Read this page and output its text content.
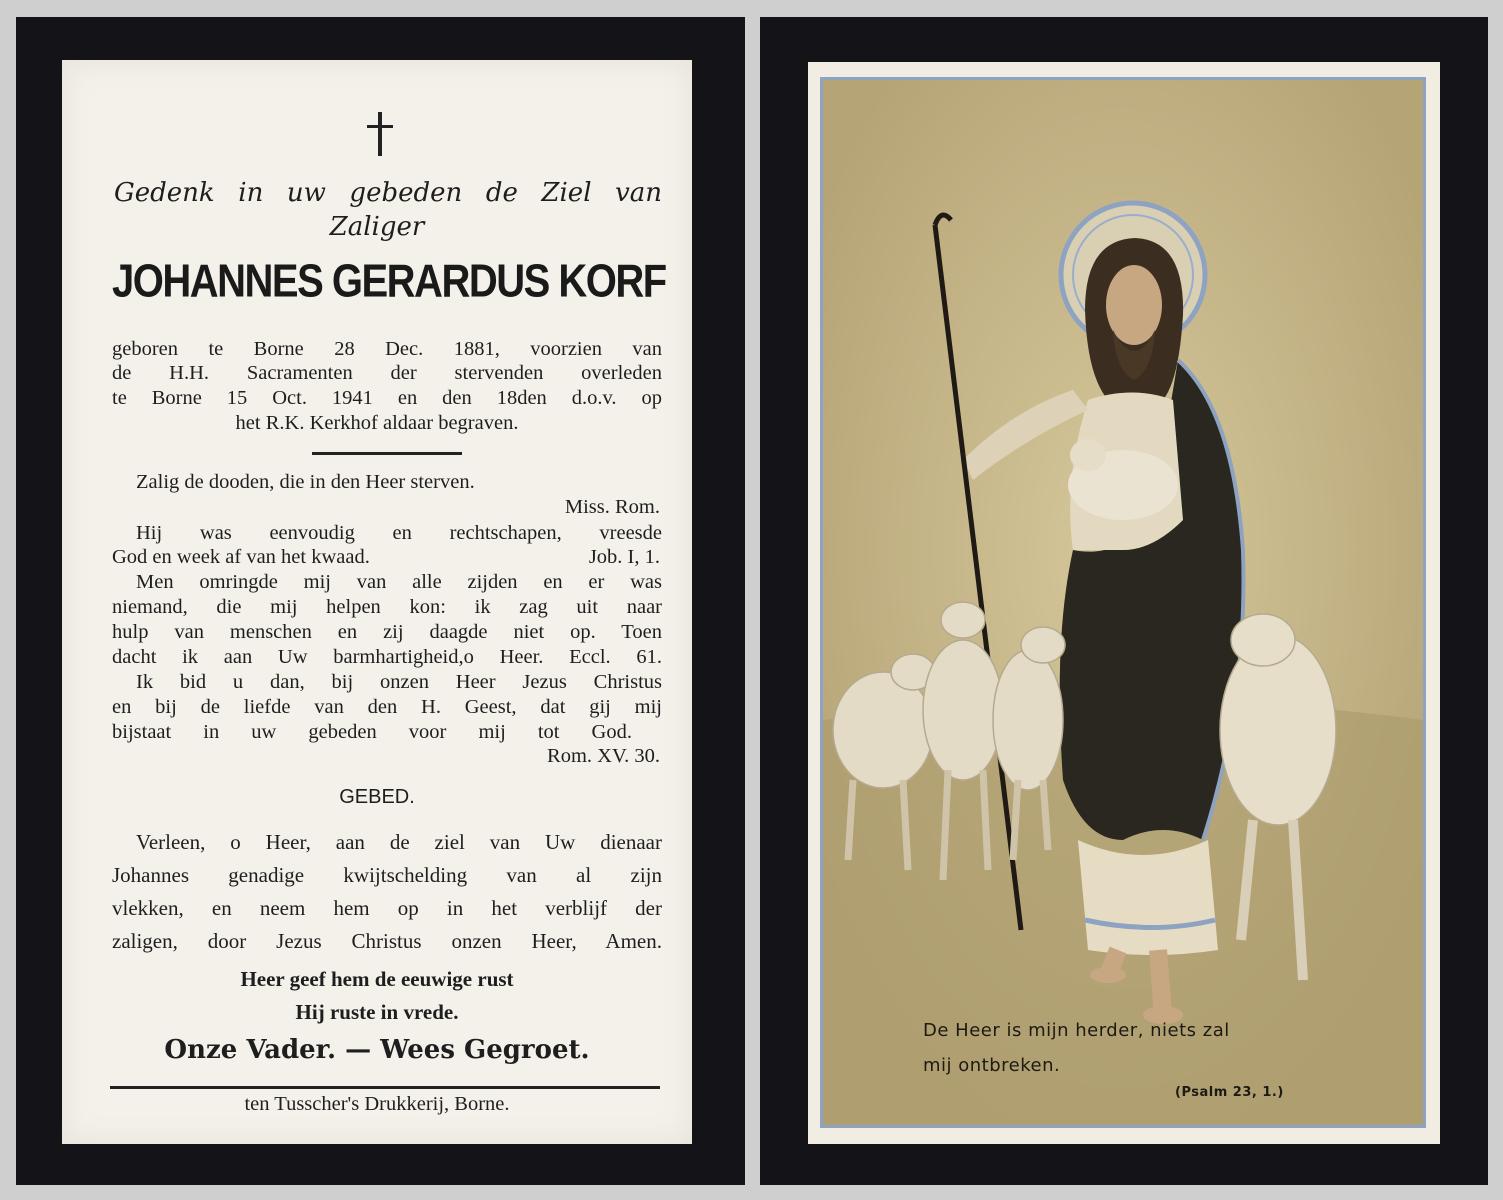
Gedenk in uw gebeden de Ziel van
Zaliger
JOHANNES GERARDUS KORF
geboren te Borne 28 Dec. 1881, voorzien van
de H.H. Sacramenten der stervenden overleden
te Borne 15 Oct. 1941 en den 18den d.o.v. op
het R.K. Kerkhof aldaar begraven.
Zalig de dooden, die in den Heer sterven.
Miss. Rom.
Hij was eenvoudig en rechtschapen, vreesde
God en week af van het kwaad.	Job. I, 1.
Men omringde mij van alle zijden en er was
niemand, die mij helpen kon: ik zag uit naar
hulp van menschen en zij daagde niet op. Toen
dacht ik aan Uw barmhartigheid,o Heer. Eccl. 61.
Ik bid u dan, bij onzen Heer Jezus Christus
en bij de liefde van den H. Geest, dat gij mij
bijstaat in uw gebeden voor mij tot God.
Rom. XV. 30.
GEBED.
Verleen, o Heer, aan de ziel van Uw dienaar
Johannes genadige kwijtschelding van al zijn
vlekken, en neem hem op in het verblijf der
zaligen, door Jezus Christus onzen Heer, Amen.
Heer geef hem de eeuwige rust
Hij ruste in vrede.
Onze Vader. — Wees Gegroet.
ten Tusscher's Drukkerij, Borne.
De Heer is mijn herder, niets zal
mij ontbreken.
(Psalm 23, 1.)
